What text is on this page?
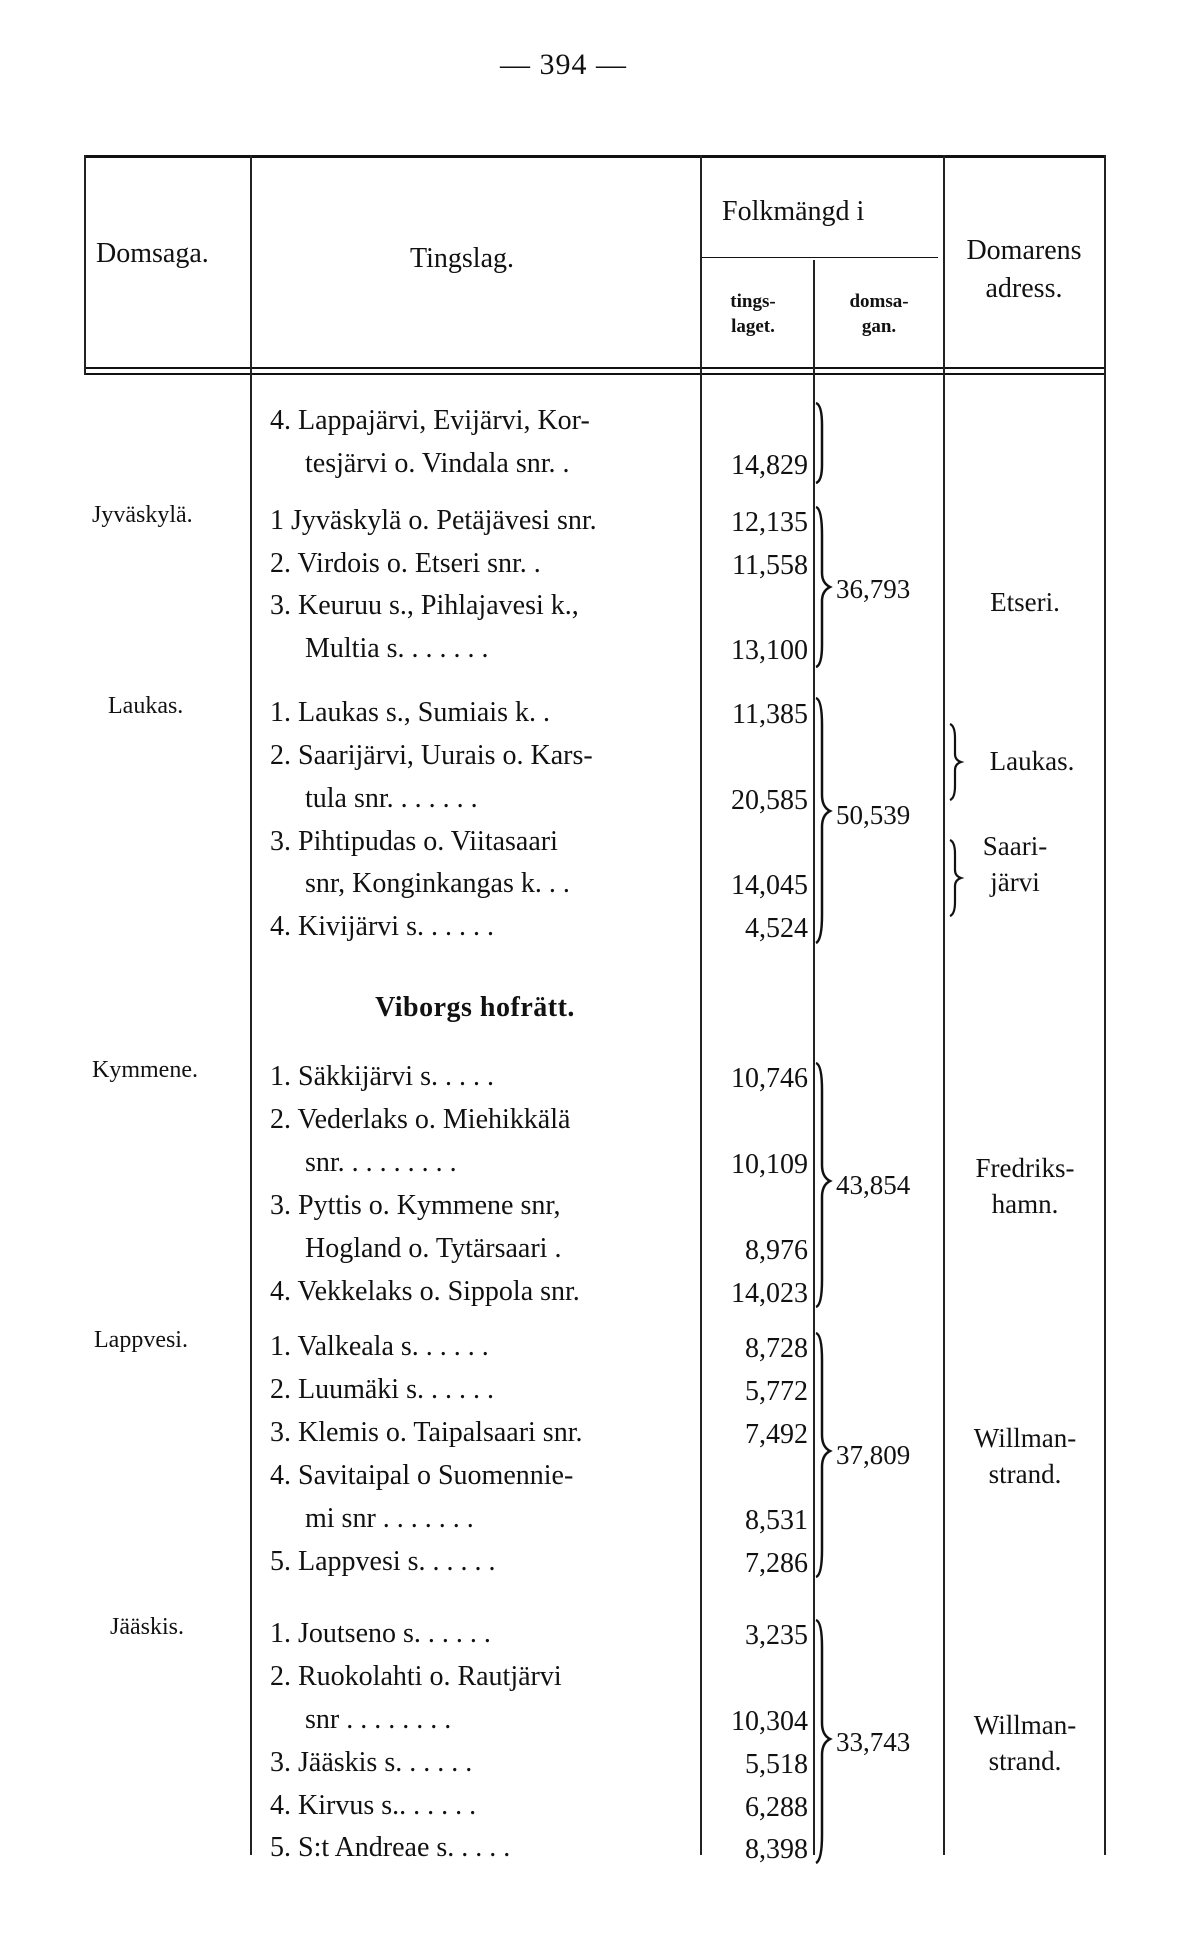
— 394 —
Domsaga.	Tingslag.
Folkmängd i
tings-
laget.
domsa-
gan.
Domarens
adress.
Jyväskylä.
Laukas.
Kymmene.
Lappvesi.
Jääskis.
Viborgs hofrätt.
4. Lappajärvi, Evijärvi, Kor-
tesjärvi o. Vindala snr. .
1 Jyväskylä o. Petäjävesi snr.
2. Virdois o. Etseri snr. .
3. Keuruu s., Pihlajavesi k.,
Multia s. . . . . . .
1. Laukas s., Sumiais k. .
2. Saarijärvi, Uurais o. Kars-
tula snr. . . . . . .
3. Pihtipudas o. Viitasaari
snr, Konginkangas k. . .
4. Kivijärvi s. . . . . .
1. Säkkijärvi s. . . . .
2. Vederlaks o. Miehikkälä
snr. . . . . . . . .
3. Pyttis o. Kymmene snr,
Hogland o. Tytärsaari .
4. Vekkelaks o. Sippola snr.
1. Valkeala s. . . . . .
2. Luumäki s. . . . . .
3. Klemis o. Taipalsaari snr.
4. Savitaipal o Suomennie-
mi snr . . . . . . .
5. Lappvesi s. . . . . .
1. Joutseno s. . . . . .
2. Ruokolahti o. Rautjärvi
snr . . . . . . . .
3. Jääskis s. . . . . .
4. Kirvus s.. . . . . .
5. S:t Andreae s. . . . .
14,829
12,135
11,558
13,100
11,385
20,585
14,045
4,524
10,746
10,109
8,976
14,023
8,728
5,772
7,492
8,531
7,286
3,235
10,304
5,518
6,288
8,398
36,793
50,539
43,854
37,809
33,743
Etseri.
Laukas.
Saari-
järvi
Fredriks-
hamn.
Willman-
strand.
Willman-
strand.
